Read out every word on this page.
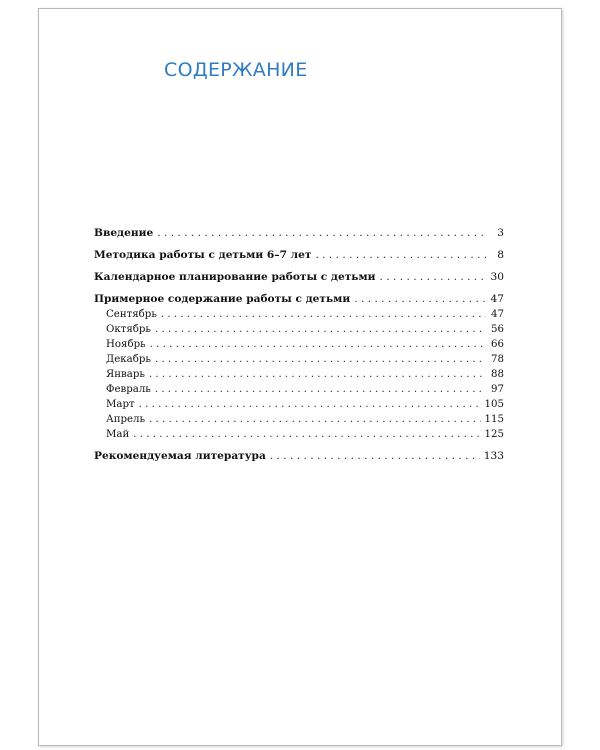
СОДЕРЖАНИЕ
Введение . . .	3
Методика работы с детьми 6–7 лет . . .	8
Календарное планирование работы с детьми . . .	30
Примерное содержание работы с детьми . . .	47
Сентябрь . . .	47
Октябрь . . .	56
Ноябрь . . .	66
Декабрь . . .	78
Январь . . .	88
Февраль . . .	97
Март . . .	105
Апрель . . .	115
Май . . .	125
Рекомендуемая литература . . .	133
